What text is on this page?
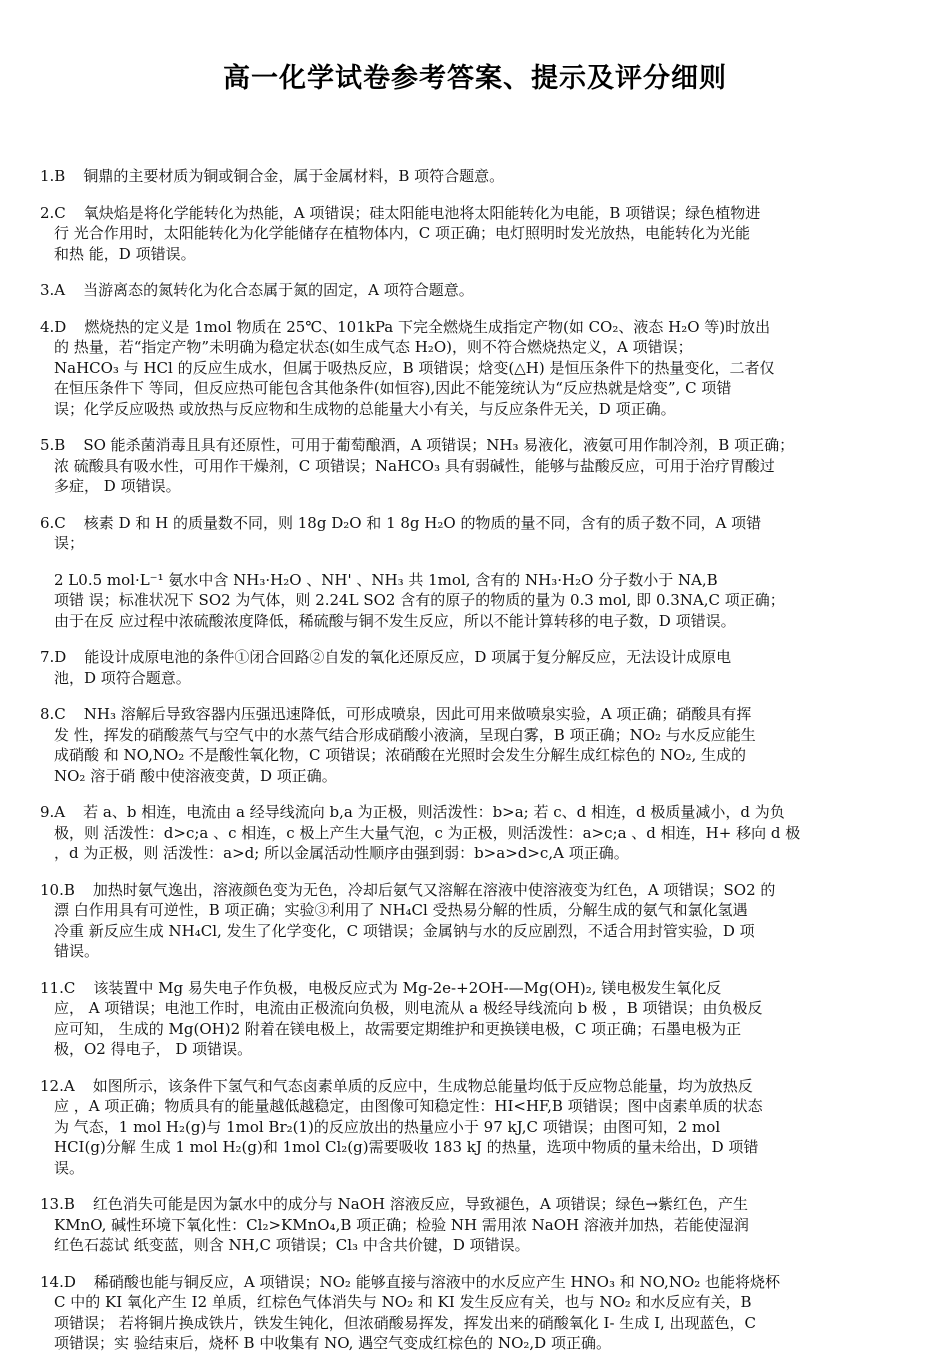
高一化学试卷参考答案、提示及评分细则
1.B 铜鼎的主要材质为铜或铜合金，属于金属材料，B 项符合题意。
2.C 氧炔焰是将化学能转化为热能，A 项错误；硅太阳能电池将太阳能转化为电能，B 项错误；绿色植物进
行 光合作用时，太阳能转化为化学能储存在植物体内，C 项正确；电灯照明时发光放热，电能转化为光能
和热 能，D 项错误。
3.A 当游离态的氮转化为化合态属于氮的固定，A 项符合题意。
4.D 燃烧热的定义是 1mol 物质在 25℃、101kPa 下完全燃烧生成指定产物(如 CO₂、液态 H₂O 等)时放出
的 热量，若“指定产物”未明确为稳定状态(如生成气态 H₂O)，则不符合燃烧热定义，A 项错误；
NaHCO₃ 与 HCl 的反应生成水，但属于吸热反应，B 项错误；焓变(△H) 是恒压条件下的热量变化，二者仅
在恒压条件下 等同，但反应热可能包含其他条件(如恒容),因此不能笼统认为“反应热就是焓变”, C 项错
误；化学反应吸热 或放热与反应物和生成物的总能量大小有关，与反应条件无关，D 项正确。
5.B SO 能杀菌消毒且具有还原性，可用于葡萄酿酒，A 项错误；NH₃ 易液化，液氨可用作制冷剂，B 项正确；
浓 硫酸具有吸水性，可用作干燥剂，C 项错误；NaHCO₃ 具有弱碱性，能够与盐酸反应，可用于治疗胃酸过
多症， D 项错误。
6.C 核素 D 和 H 的质量数不同，则 18g D₂O 和 1 8g H₂O 的物质的量不同，含有的质子数不同，A 项错
误；
2 L0.5 mol·L⁻¹ 氨水中含 NH₃·H₂O 、NH' 、NH₃ 共 1mol, 含有的 NH₃·H₂O 分子数小于 NA,B
项错 误；标准状况下 SO2 为气体，则 2.24L SO2 含有的原子的物质的量为 0.3 mol, 即 0.3NA,C 项正确；
由于在反 应过程中浓硫酸浓度降低，稀硫酸与铜不发生反应，所以不能计算转移的电子数，D 项错误。
7.D 能设计成原电池的条件①闭合回路②自发的氧化还原反应，D 项属于复分解反应，无法设计成原电
池，D 项符合题意。
8.C NH₃ 溶解后导致容器内压强迅速降低，可形成喷泉，因此可用来做喷泉实验，A 项正确；硝酸具有挥
发 性，挥发的硝酸蒸气与空气中的水蒸气结合形成硝酸小液滴，呈现白雾，B 项正确；NO₂ 与水反应能生
成硝酸 和 NO,NO₂ 不是酸性氧化物，C 项错误；浓硝酸在光照时会发生分解生成红棕色的 NO₂, 生成的
NO₂ 溶于硝 酸中使溶液变黄，D 项正确。
9.A 若 a、b 相连，电流由 a 经导线流向 b,a 为正极，则活泼性：b>a; 若 c、d 相连，d 极质量减小，d 为负
极，则 活泼性：d>c;a 、c 相连，c 极上产生大量气泡，c 为正极，则活泼性：a>c;a 、d 相连，H+ 移向 d 极
，d 为正极，则 活泼性：a>d; 所以金属活动性顺序由强到弱：b>a>d>c,A 项正确。
10.B 加热时氨气逸出，溶液颜色变为无色，冷却后氨气又溶解在溶液中使溶液变为红色，A 项错误；SO2 的
漂 白作用具有可逆性，B 项正确；实验③利用了 NH₄Cl 受热易分解的性质，分解生成的氨气和氯化氢遇
冷重 新反应生成 NH₄Cl, 发生了化学变化，C 项错误；金属钠与水的反应剧烈，不适合用封管实验，D 项
错误。
11.C 该装置中 Mg 易失电子作负极，电极反应式为 Mg-2e-+2OH-—Mg(OH)₂, 镁电极发生氧化反
应， A 项错误；电池工作时，电流由正极流向负极，则电流从 a 极经导线流向 b 极 ，B 项错误；由负极反
应可知， 生成的 Mg(OH)2 附着在镁电极上，故需要定期维护和更换镁电极，C 项正确；石墨电极为正
极，O2 得电子， D 项错误。
12.A 如图所示，该条件下氢气和气态卤素单质的反应中，生成物总能量均低于反应物总能量，均为放热反
应 ，A 项正确；物质具有的能量越低越稳定，由图像可知稳定性：HI<HF,B 项错误；图中卤素单质的状态
为 气态，1 mol H₂(g)与 1mol Br₂(1)的反应放出的热量应小于 97 kJ,C 项错误；由图可知，2 mol
HCI(g)分解 生成 1 mol H₂(g)和 1mol Cl₂(g)需要吸收 183 kJ 的热量，选项中物质的量未给出，D 项错
误。
13.B 红色消失可能是因为氯水中的成分与 NaOH 溶液反应，导致褪色，A 项错误；绿色→紫红色，产生
KMnO, 碱性环境下氧化性：Cl₂>KMnO₄,B 项正确；检验 NH 需用浓 NaOH 溶液并加热，若能使湿润
红色石蕊试 纸变蓝，则含 NH,C 项错误；Cl₃ 中含共价键，D 项错误。
14.D 稀硝酸也能与铜反应，A 项错误；NO₂ 能够直接与溶液中的水反应产生 HNO₃ 和 NO,NO₂ 也能将烧杯
C 中的 KI 氧化产生 I2 单质，红棕色气体消失与 NO₂ 和 KI 发生反应有关，也与 NO₂ 和水反应有关，B
项错误； 若将铜片换成铁片，铁发生钝化，但浓硝酸易挥发，挥发出来的硝酸氧化 I- 生成 I, 出现蓝色，C
项错误；实 验结束后，烧杯 B 中收集有 NO, 遇空气变成红棕色的 NO₂,D 项正确。
